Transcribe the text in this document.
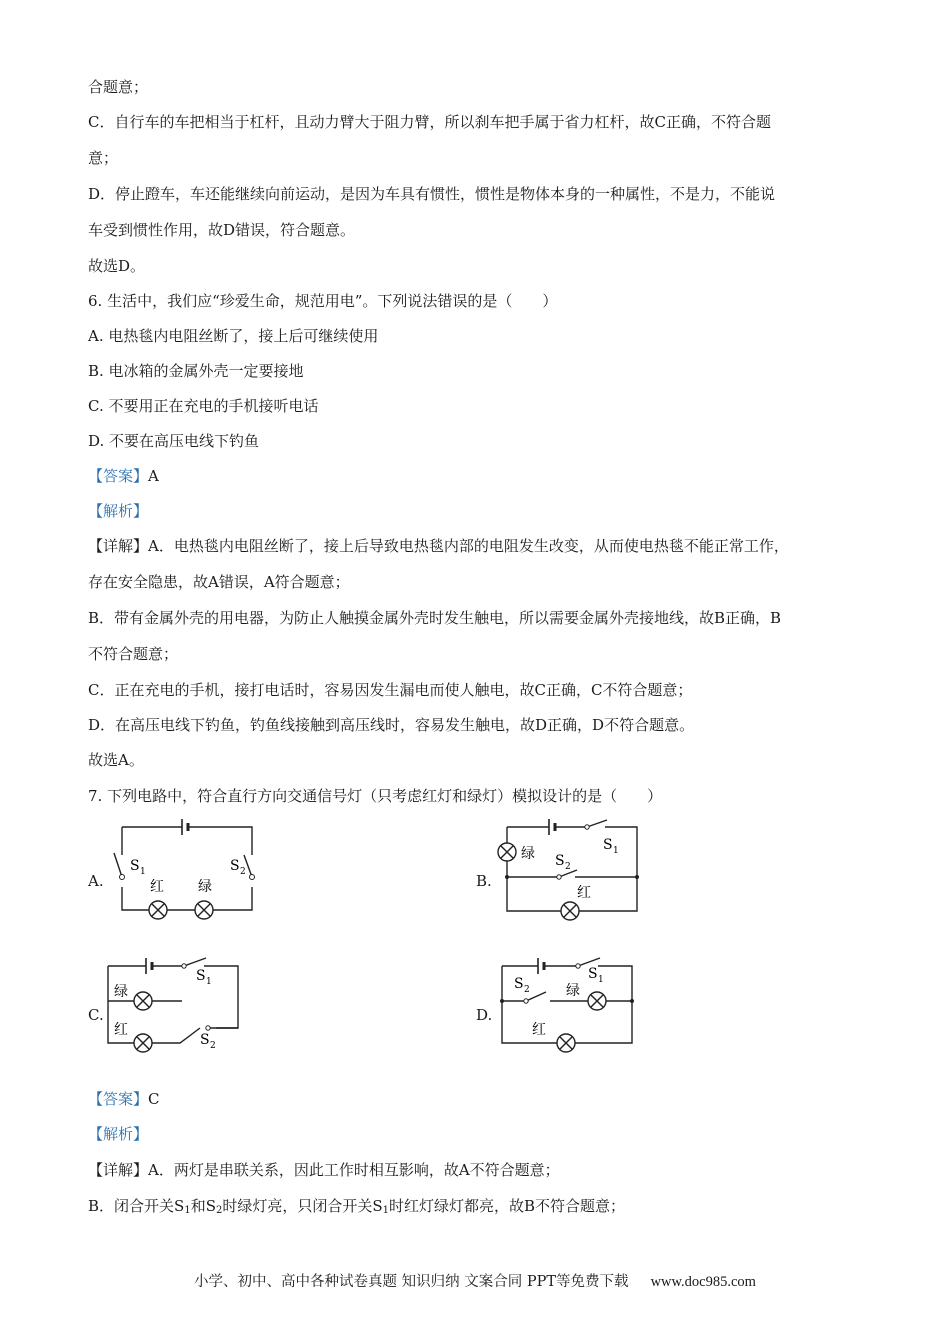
合题意；
C．自行车的车把相当于杠杆，且动力臂大于阻力臂，所以刹车把手属于省力杠杆，故C正确，不符合题
意；
D．停止蹬车，车还能继续向前运动，是因为车具有惯性，惯性是物体本身的一种属性，不是力，不能说
车受到惯性作用，故D错误，符合题意。
故选D。
6. 生活中，我们应“珍爱生命，规范用电”。下列说法错误的是（　　）
A. 电热毯内电阻丝断了，接上后可继续使用
B. 电冰箱的金属外壳一定要接地
C. 不要用正在充电的手机接听电话
D. 不要在高压电线下钓鱼
【答案】A
【解析】
【详解】A．电热毯内电阻丝断了，接上后导致电热毯内部的电阻发生改变，从而使电热毯不能正常工作，
存在安全隐患，故A错误，A符合题意；
B．带有金属外壳的用电器，为防止人触摸金属外壳时发生触电，所以需要金属外壳接地线，故B正确，B
不符合题意；
C．正在充电的手机，接打电话时，容易因发生漏电而使人触电，故C正确，C不符合题意；
D．在高压电线下钓鱼，钓鱼线接触到高压线时，容易发生触电，故D正确，D不符合题意。
故选A。
7. 下列电路中，符合直行方向交通信号灯（只考虑红灯和绿灯）模拟设计的是（　　）
A.
S 1	S 2
红 绿	B.
绿
S 1
S 2
红
C.
绿
红
S 1
S 2
D.
S 1
S 2	绿
红
【答案】C
【解析】
【详解】A．两灯是串联关系，因此工作时相互影响，故A不符合题意；
B．闭合开关$S_1$和$S_2$时绿灯亮，只闭合开关$S_1$时红灯绿灯都亮，故B不符合题意；
小学、初中、高中各种试卷真题 知识归纳 文案合同 PPT等免费下载 www.doc985.com
